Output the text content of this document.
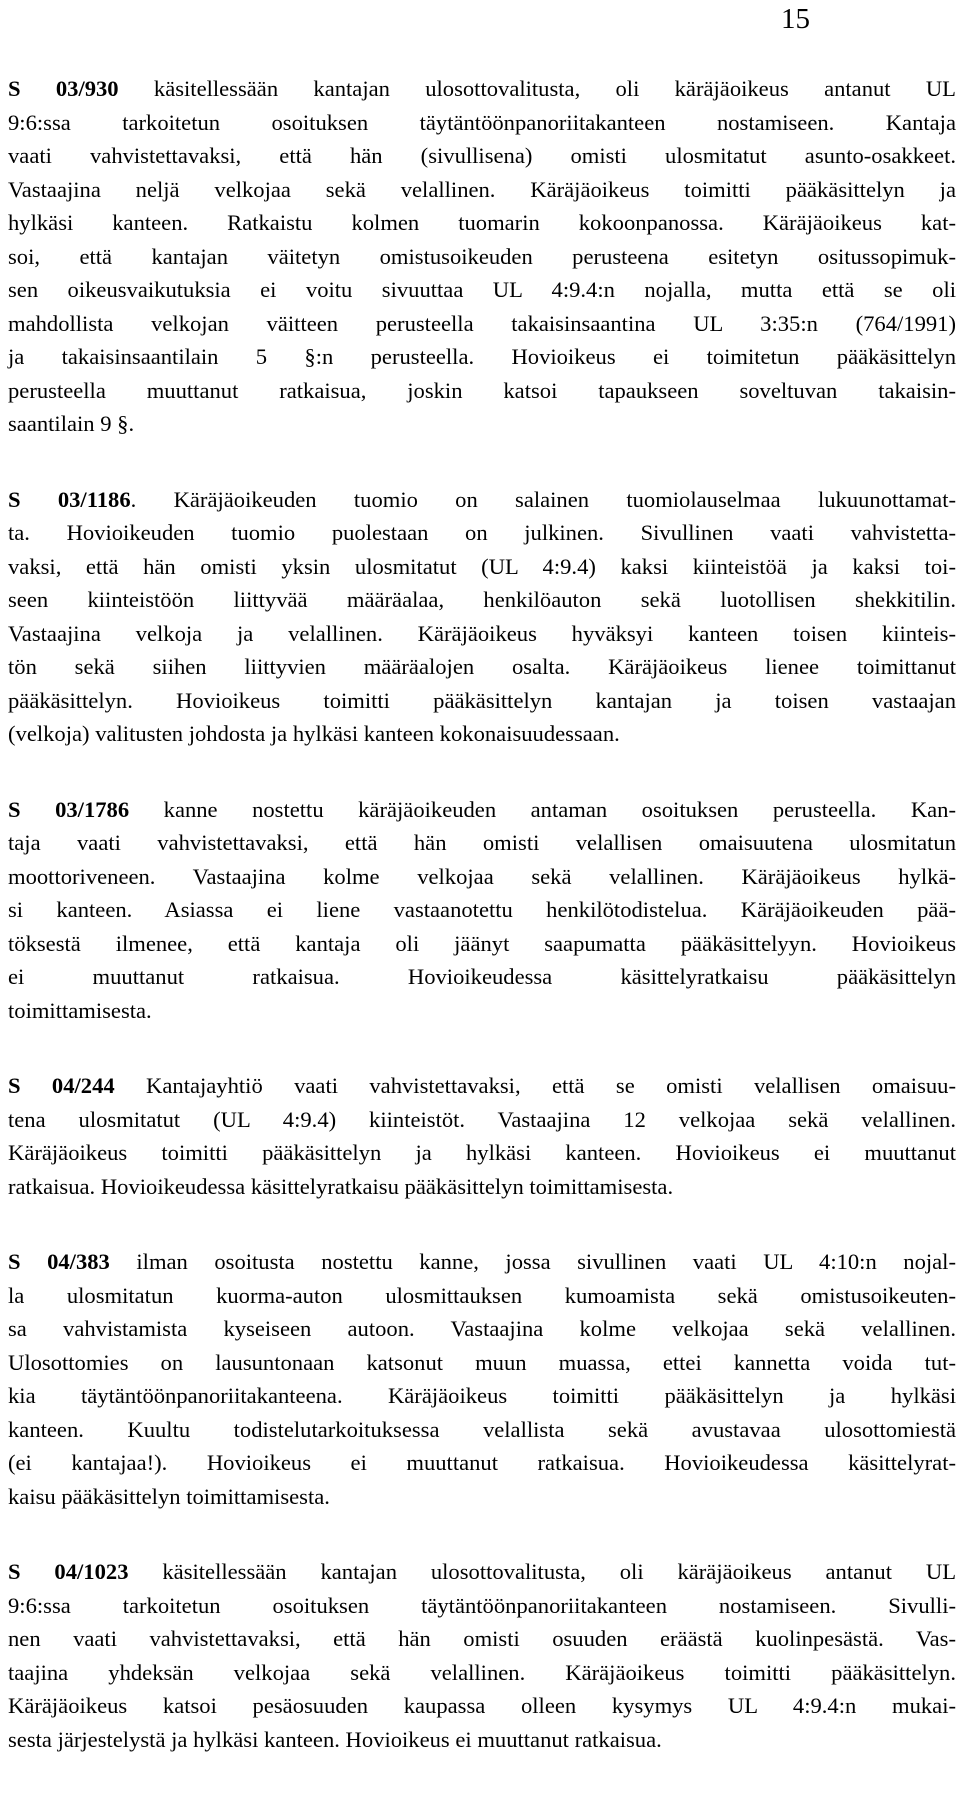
15
S 03/930 käsitellessään kantajan ulosottovalitusta, oli käräjäoikeus antanut UL
9:6:ssa tarkoitetun osoituksen täytäntöönpanoriitakanteen nostamiseen. Kantaja
vaati vahvistettavaksi, että hän (sivullisena) omisti ulosmitatut asunto-osakkeet.
Vastaajina neljä velkojaa sekä velallinen. Käräjäoikeus toimitti pääkäsittelyn ja
hylkäsi kanteen. Ratkaistu kolmen tuomarin kokoonpanossa. Käräjäoikeus kat-
soi, että kantajan väitetyn omistusoikeuden perusteena esitetyn ositussopimuk-
sen oikeusvaikutuksia ei voitu sivuuttaa UL 4:9.4:n nojalla, mutta että se oli
mahdollista velkojan väitteen perusteella takaisinsaantina UL 3:35:n (764/1991)
ja takaisinsaantilain 5 §:n perusteella. Hovioikeus ei toimitetun pääkäsittelyn
perusteella muuttanut ratkaisua, joskin katsoi tapaukseen soveltuvan takaisin-
saantilain 9 §.
S 03/1186. Käräjäoikeuden tuomio on salainen tuomiolauselmaa lukuunottamat-
ta. Hovioikeuden tuomio puolestaan on julkinen. Sivullinen vaati vahvistetta-
vaksi, että hän omisti yksin ulosmitatut (UL 4:9.4) kaksi kiinteistöä ja kaksi toi-
seen kiinteistöön liittyvää määräalaa, henkilöauton sekä luotollisen shekkitilin.
Vastaajina velkoja ja velallinen. Käräjäoikeus hyväksyi kanteen toisen kiinteis-
tön sekä siihen liittyvien määräalojen osalta. Käräjäoikeus lienee toimittanut
pääkäsittelyn. Hovioikeus toimitti pääkäsittelyn kantajan ja toisen vastaajan
(velkoja) valitusten johdosta ja hylkäsi kanteen kokonaisuudessaan.
S 03/1786 kanne nostettu käräjäoikeuden antaman osoituksen perusteella. Kan-
taja vaati vahvistettavaksi, että hän omisti velallisen omaisuutena ulosmitatun
moottoriveneen. Vastaajina kolme velkojaa sekä velallinen. Käräjäoikeus hylkä-
si kanteen. Asiassa ei liene vastaanotettu henkilötodistelua. Käräjäoikeuden pää-
töksestä ilmenee, että kantaja oli jäänyt saapumatta pääkäsittelyyn. Hovioikeus
ei muuttanut ratkaisua. Hovioikeudessa käsittelyratkaisu pääkäsittelyn
toimittamisesta.
S 04/244 Kantajayhtiö vaati vahvistettavaksi, että se omisti velallisen omaisuu-
tena ulosmitatut (UL 4:9.4) kiinteistöt. Vastaajina 12 velkojaa sekä velallinen.
Käräjäoikeus toimitti pääkäsittelyn ja hylkäsi kanteen. Hovioikeus ei muuttanut
ratkaisua. Hovioikeudessa käsittelyratkaisu pääkäsittelyn toimittamisesta.
S 04/383 ilman osoitusta nostettu kanne, jossa sivullinen vaati UL 4:10:n nojal-
la ulosmitatun kuorma-auton ulosmittauksen kumoamista sekä omistusoikeuten-
sa vahvistamista kyseiseen autoon. Vastaajina kolme velkojaa sekä velallinen.
Ulosottomies on lausuntonaan katsonut muun muassa, ettei kannetta voida tut-
kia täytäntöönpanoriitakanteena. Käräjäoikeus toimitti pääkäsittelyn ja hylkäsi
kanteen. Kuultu todistelutarkoituksessa velallista sekä avustavaa ulosottomiestä
(ei kantajaa!). Hovioikeus ei muuttanut ratkaisua. Hovioikeudessa käsittelyrat-
kaisu pääkäsittelyn toimittamisesta.
S 04/1023 käsitellessään kantajan ulosottovalitusta, oli käräjäoikeus antanut UL
9:6:ssa tarkoitetun osoituksen täytäntöönpanoriitakanteen nostamiseen. Sivulli-
nen vaati vahvistettavaksi, että hän omisti osuuden eräästä kuolinpesästä. Vas-
taajina yhdeksän velkojaa sekä velallinen. Käräjäoikeus toimitti pääkäsittelyn.
Käräjäoikeus katsoi pesäosuuden kaupassa olleen kysymys UL 4:9.4:n mukai-
sesta järjestelystä ja hylkäsi kanteen. Hovioikeus ei muuttanut ratkaisua.
